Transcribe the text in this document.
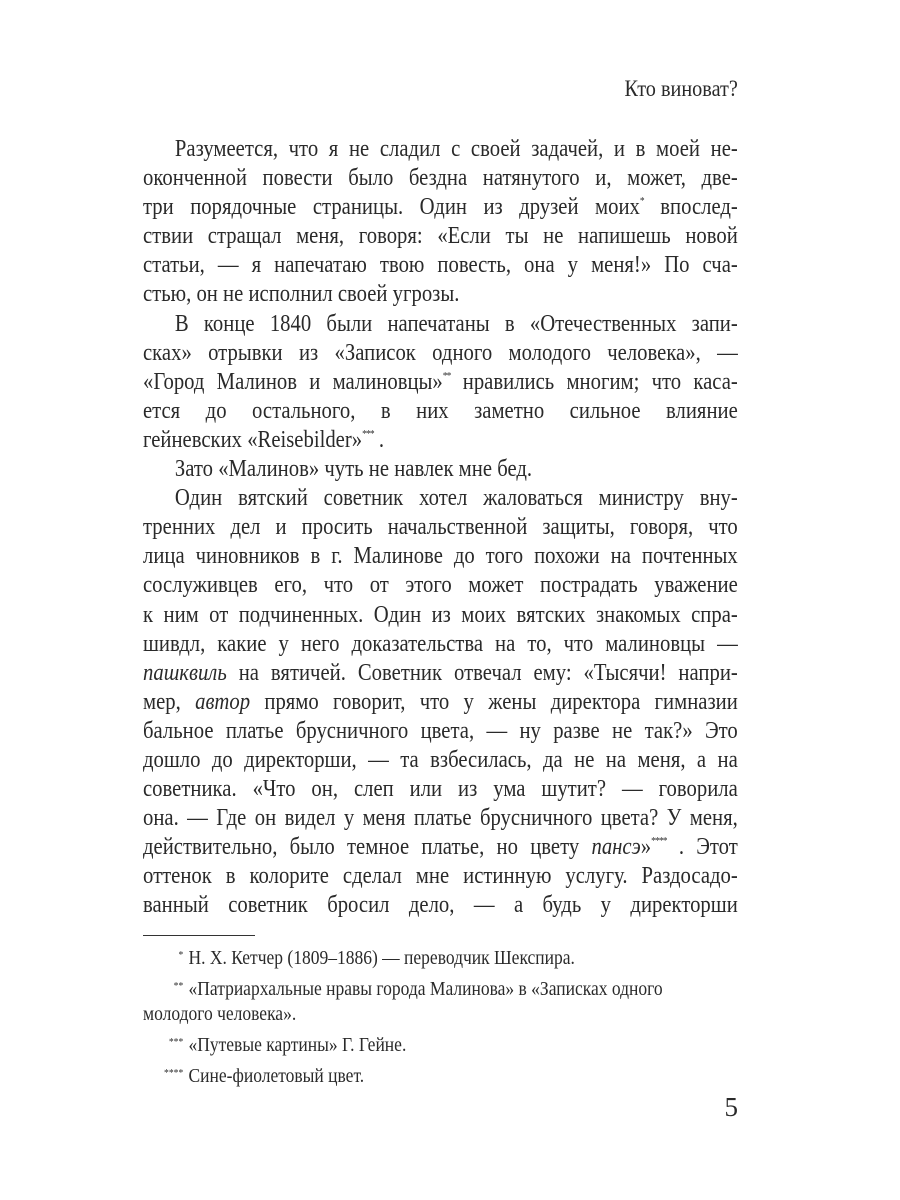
Кто виноват?
Разумеется, что я не сладил с своей задачей, и в моей не-
оконченной повести было бездна натянутого и, может, две-
три порядочные страницы. Один из друзей моих* впослед-
ствии стращал меня, говоря: «Если ты не напишешь новой
статьи, — я напечатаю твою повесть, она у меня!» По сча-
стью, он не исполнил своей угрозы.
В конце 1840 были напечатаны в «Отечественных запи-
сках» отрывки из «Записок одного молодого человека», —
«Город Малинов и малиновцы»** нравились многим; что каса-
ется до остального, в них заметно сильное влияние
гейневских «Reisebilder»*** .
Зато «Малинов» чуть не навлек мне бед.
Один вятский советник хотел жаловаться министру вну-
тренних дел и просить начальственной защиты, говоря, что
лица чиновников в г. Малинове до того похожи на почтенных
сослуживцев его, что от этого может пострадать уважение
к ним от подчиненных. Один из моих вятских знакомых спра-
шивдл, какие у него доказательства на то, что малиновцы —
пашквиль на вятичей. Советник отвечал ему: «Тысячи! напри-
мер, автор прямо говорит, что у жены директора гимназии
бальное платье брусничного цвета, — ну разве не так?» Это
дошло до директорши, — та взбесилась, да не на меня, а на
советника. «Что он, слеп или из ума шутит? — говорила
она. — Где он видел у меня платье брусничного цвета? У меня,
действительно, было темное платье, но цвету пансэ»**** . Этот
оттенок в колорите сделал мне истинную услугу. Раздосадо-
ванный советник бросил дело, — а будь у директорши
* Н. Х. Кетчер (1809–1886) — переводчик Шекспира.
** «Патриархальные нравы города Малинова» в «Записках одного
молодого человека».
*** «Путевые картины» Г. Гейне.
**** Сине-фиолетовый цвет.
5
